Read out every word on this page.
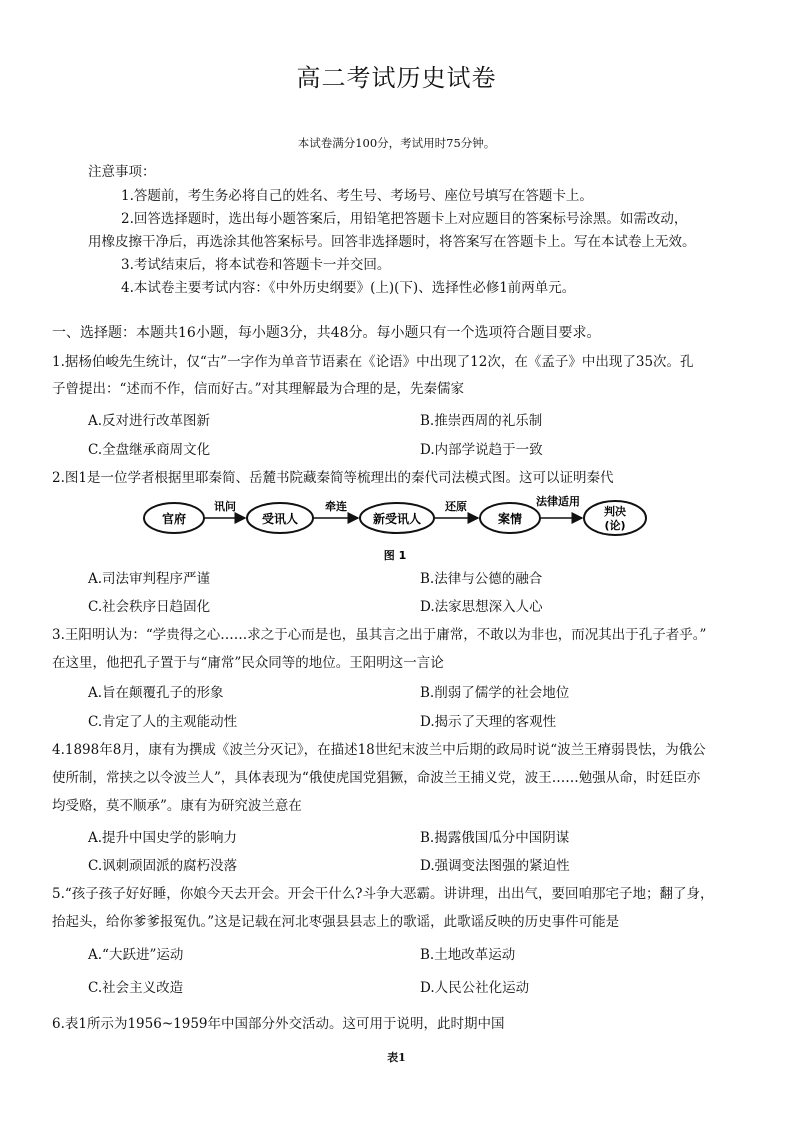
高二考试历史试卷
本试卷满分100分，考试用时75分钟。
注意事项：
1.答题前，考生务必将自己的姓名、考生号、考场号、座位号填写在答题卡上。
2.回答选择题时，选出每小题答案后，用铅笔把答题卡上对应题目的答案标号涂黑。如需改动，
用橡皮擦干净后，再选涂其他答案标号。回答非选择题时，将答案写在答题卡上。写在本试卷上无效。
3.考试结束后，将本试卷和答题卡一并交回。
4.本试卷主要考试内容：《中外历史纲要》(上)(下)、选择性必修1前两单元。
一、选择题：本题共16小题，每小题3分，共48分。每小题只有一个选项符合题目要求。
1.据杨伯峻先生统计，仅“古”一字作为单音节语素在《论语》中出现了12次，在《孟子》中出现了35次。孔
子曾提出：“述而不作，信而好古。”对其理解最为合理的是，先秦儒家
A.反对进行改革图新	B.推崇西周的礼乐制
C.全盘继承商周文化	D.内部学说趋于一致
2.图1是一位学者根据里耶秦简、岳麓书院藏秦简等梳理出的秦代司法模式图。这可以证明秦代
官府	受讯人	新受讯人	案情
判决
(论)
讯问	牵连	还原	法律适用
图 1
A.司法审判程序严谨	B.法律与公德的融合
C.社会秩序日趋固化	D.法家思想深入人心
3.王阳明认为：“学贵得之心……求之于心而是也，虽其言之出于庸常，不敢以为非也，而况其出于孔子者乎。”
在这里，他把孔子置于与“庸常”民众同等的地位。王阳明这一言论
A.旨在颠覆孔子的形象	B.削弱了儒学的社会地位
C.肯定了人的主观能动性	D.揭示了天理的客观性
4.1898年8月，康有为撰成《波兰分灭记》，在描述18世纪末波兰中后期的政局时说“波兰王瘠弱畏怯，为俄公
使所制，常挟之以令波兰人”，具体表现为“俄使虎国党猖獗，命波兰王捕义党，波王……勉强从命，时廷臣亦
均受赂，莫不顺承”。康有为研究波兰意在
A.提升中国史学的影响力	B.揭露俄国瓜分中国阴谋
C.讽刺顽固派的腐朽没落	D.强调变法图强的紧迫性
5.“孩子孩子好好睡，你娘今天去开会。开会干什么?斗争大恶霸。讲讲理，出出气，要回咱那宅子地；翻了身，
抬起头，给你爹爹报冤仇。”这是记载在河北枣强县县志上的歌谣，此歌谣反映的历史事件可能是
A.“大跃进”运动	B.土地改革运动
C.社会主义改造	D.人民公社化运动
6.表1所示为1956~1959年中国部分外交活动。这可用于说明，此时期中国
表1
